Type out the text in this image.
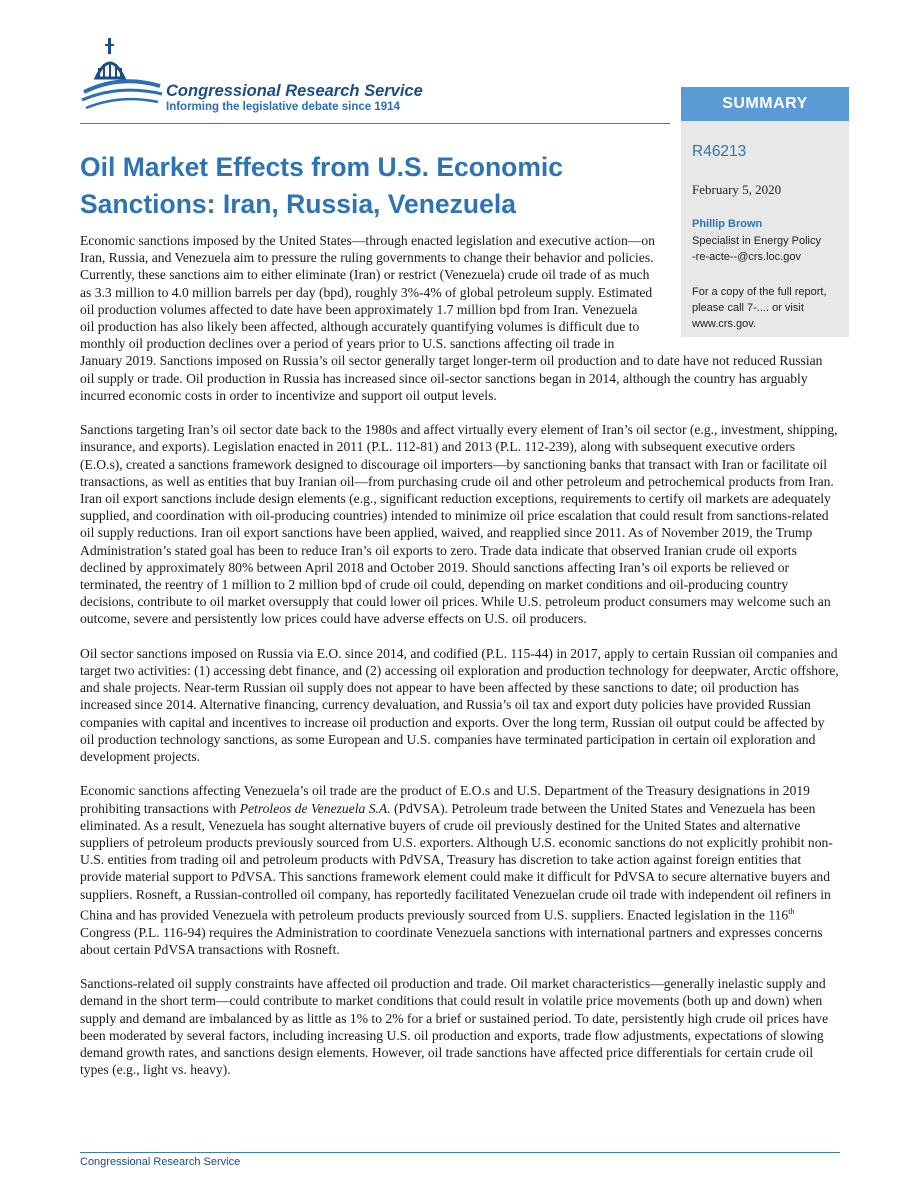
Congressional Research Service
Informing the legislative debate since 1914	SUMMARY
R46213
February 5, 2020
Phillip Brown
Specialist in Energy Policy
-re-acte--@crs.loc.gov
For a copy of the full report, please call 7-.... or visit www.crs.gov.
Oil Market Effects from U.S. Economic Sanctions: Iran, Russia, Venezuela

Economic sanctions imposed by the United States—through enacted legislation and executive action—on Iran, Russia, and Venezuela aim to pressure the ruling governments to change their behavior and policies. Currently, these sanctions aim to either eliminate (Iran) or restrict (Venezuela) crude oil trade of as much as 3.3 million to 4.0 million barrels per day (bpd), roughly 3%-4% of global petroleum supply. Estimated oil production volumes affected to date have been approximately 1.7 million bpd from Iran. Venezuela oil production has also likely been affected, although accurately quantifying volumes is difficult due to monthly oil production declines over a period of years prior to U.S. sanctions affecting oil trade in January 2019. Sanctions imposed on Russia’s oil sector generally target longer-term oil production and to date have not reduced Russian oil supply or trade. Oil production in Russia has increased since oil-sector sanctions began in 2014, although the country has arguably incurred economic costs in order to incentivize and support oil output levels.

Sanctions targeting Iran’s oil sector date back to the 1980s and affect virtually every element of Iran’s oil sector (e.g., investment, shipping, insurance, and exports). Legislation enacted in 2011 (P.L. 112-81) and 2013 (P.L. 112-239), along with subsequent executive orders (E.O.s), created a sanctions framework designed to discourage oil importers—by sanctioning banks that transact with Iran or facilitate oil transactions, as well as entities that buy Iranian oil—from purchasing crude oil and other petroleum and petrochemical products from Iran. Iran oil export sanctions include design elements (e.g., significant reduction exceptions, requirements to certify oil markets are adequately supplied, and coordination with oil-producing countries) intended to minimize oil price escalation that could result from sanctions-related oil supply reductions. Iran oil export sanctions have been applied, waived, and reapplied since 2011. As of November 2019, the Trump Administration’s stated goal has been to reduce Iran’s oil exports to zero. Trade data indicate that observed Iranian crude oil exports declined by approximately 80% between April 2018 and October 2019. Should sanctions affecting Iran’s oil exports be relieved or terminated, the reentry of 1 million to 2 million bpd of crude oil could, depending on market conditions and oil-producing country decisions, contribute to oil market oversupply that could lower oil prices. While U.S. petroleum product consumers may welcome such an outcome, severe and persistently low prices could have adverse effects on U.S. oil producers.

Oil sector sanctions imposed on Russia via E.O. since 2014, and codified (P.L. 115-44) in 2017, apply to certain Russian oil companies and target two activities: (1) accessing debt finance, and (2) accessing oil exploration and production technology for deepwater, Arctic offshore, and shale projects. Near-term Russian oil supply does not appear to have been affected by these sanctions to date; oil production has increased since 2014. Alternative financing, currency devaluation, and Russia’s oil tax and export duty policies have provided Russian companies with capital and incentives to increase oil production and exports. Over the long term, Russian oil output could be affected by oil production technology sanctions, as some European and U.S. companies have terminated participation in certain oil exploration and development projects.

Economic sanctions affecting Venezuela’s oil trade are the product of E.O.s and U.S. Department of the Treasury designations in 2019 prohibiting transactions with Petroleos de Venezuela S.A. (PdVSA). Petroleum trade between the United States and Venezuela has been eliminated. As a result, Venezuela has sought alternative buyers of crude oil previously destined for the United States and alternative suppliers of petroleum products previously sourced from U.S. exporters. Although U.S. economic sanctions do not explicitly prohibit non-U.S. entities from trading oil and petroleum products with PdVSA, Treasury has discretion to take action against foreign entities that provide material support to PdVSA. This sanctions framework element could make it difficult for PdVSA to secure alternative buyers and suppliers. Rosneft, a Russian-controlled oil company, has reportedly facilitated Venezuelan crude oil trade with independent oil refiners in China and has provided Venezuela with petroleum products previously sourced from U.S. suppliers. Enacted legislation in the 116th Congress (P.L. 116-94) requires the Administration to coordinate Venezuela sanctions with international partners and expresses concerns about certain PdVSA transactions with Rosneft.

Sanctions-related oil supply constraints have affected oil production and trade. Oil market characteristics—generally inelastic supply and demand in the short term—could contribute to market conditions that could result in volatile price movements (both up and down) when supply and demand are imbalanced by as little as 1% to 2% for a brief or sustained period. To date, persistently high crude oil prices have been moderated by several factors, including increasing U.S. oil production and exports, trade flow adjustments, expectations of slowing demand growth rates, and sanctions design elements. However, oil trade sanctions have affected price differentials for certain crude oil types (e.g., light vs. heavy).

Congressional Research Service
